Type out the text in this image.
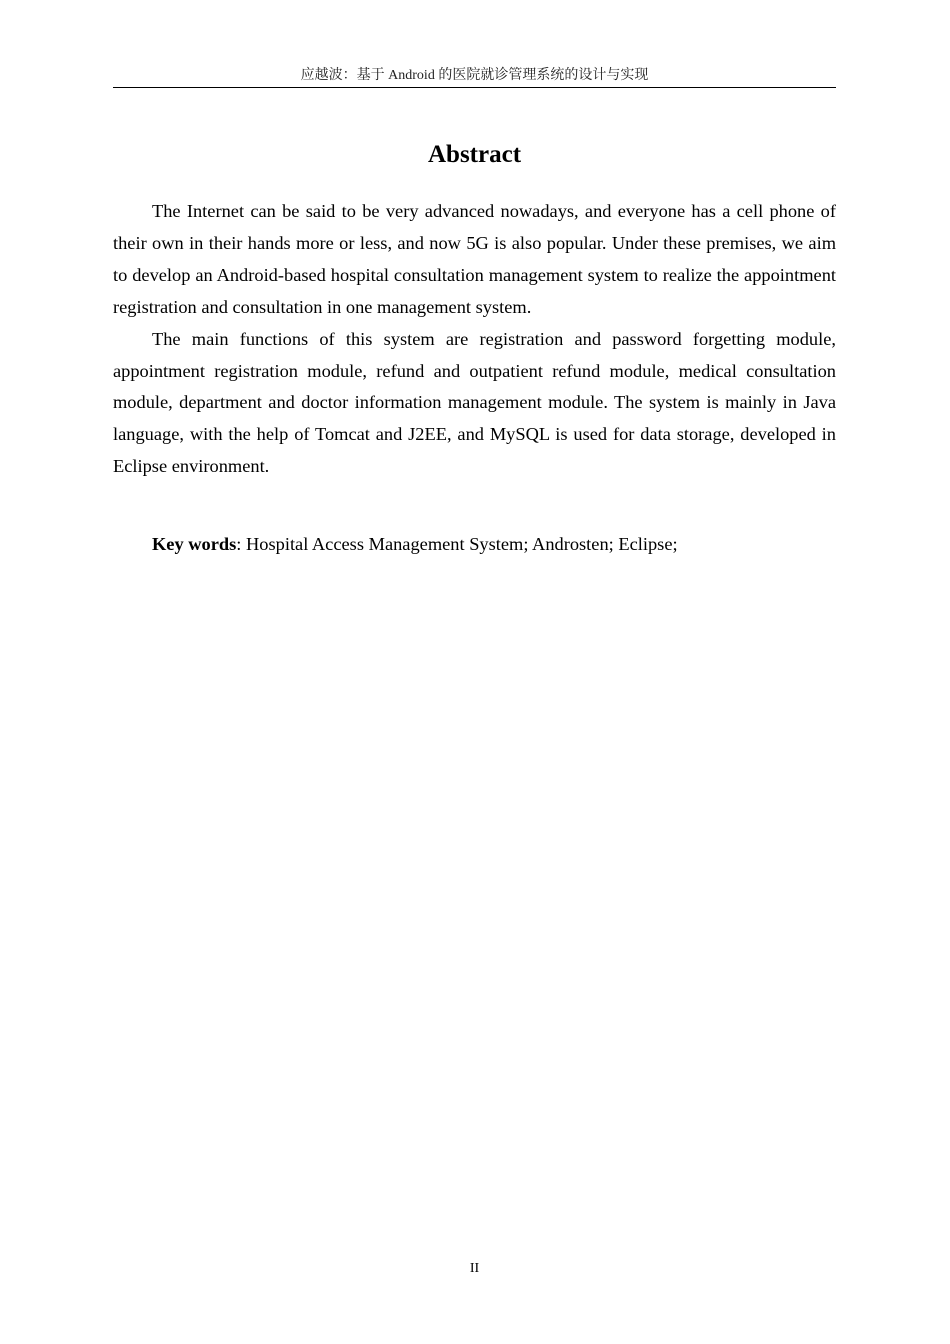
应越波：基于 Android 的医院就诊管理系统的设计与实现
Abstract

The Internet can be said to be very advanced nowadays, and everyone has a cell phone of their own in their hands more or less, and now 5G is also popular. Under these premises, we aim to develop an Android-based hospital consultation management system to realize the appointment registration and consultation in one management system.

The main functions of this system are registration and password forgetting module, appointment registration module, refund and outpatient refund module, medical consultation module, department and doctor information management module. The system is mainly in Java language, with the help of Tomcat and J2EE, and MySQL is used for data storage, developed in Eclipse environment.

Key words: Hospital Access Management System; Androsten; Eclipse;

II
